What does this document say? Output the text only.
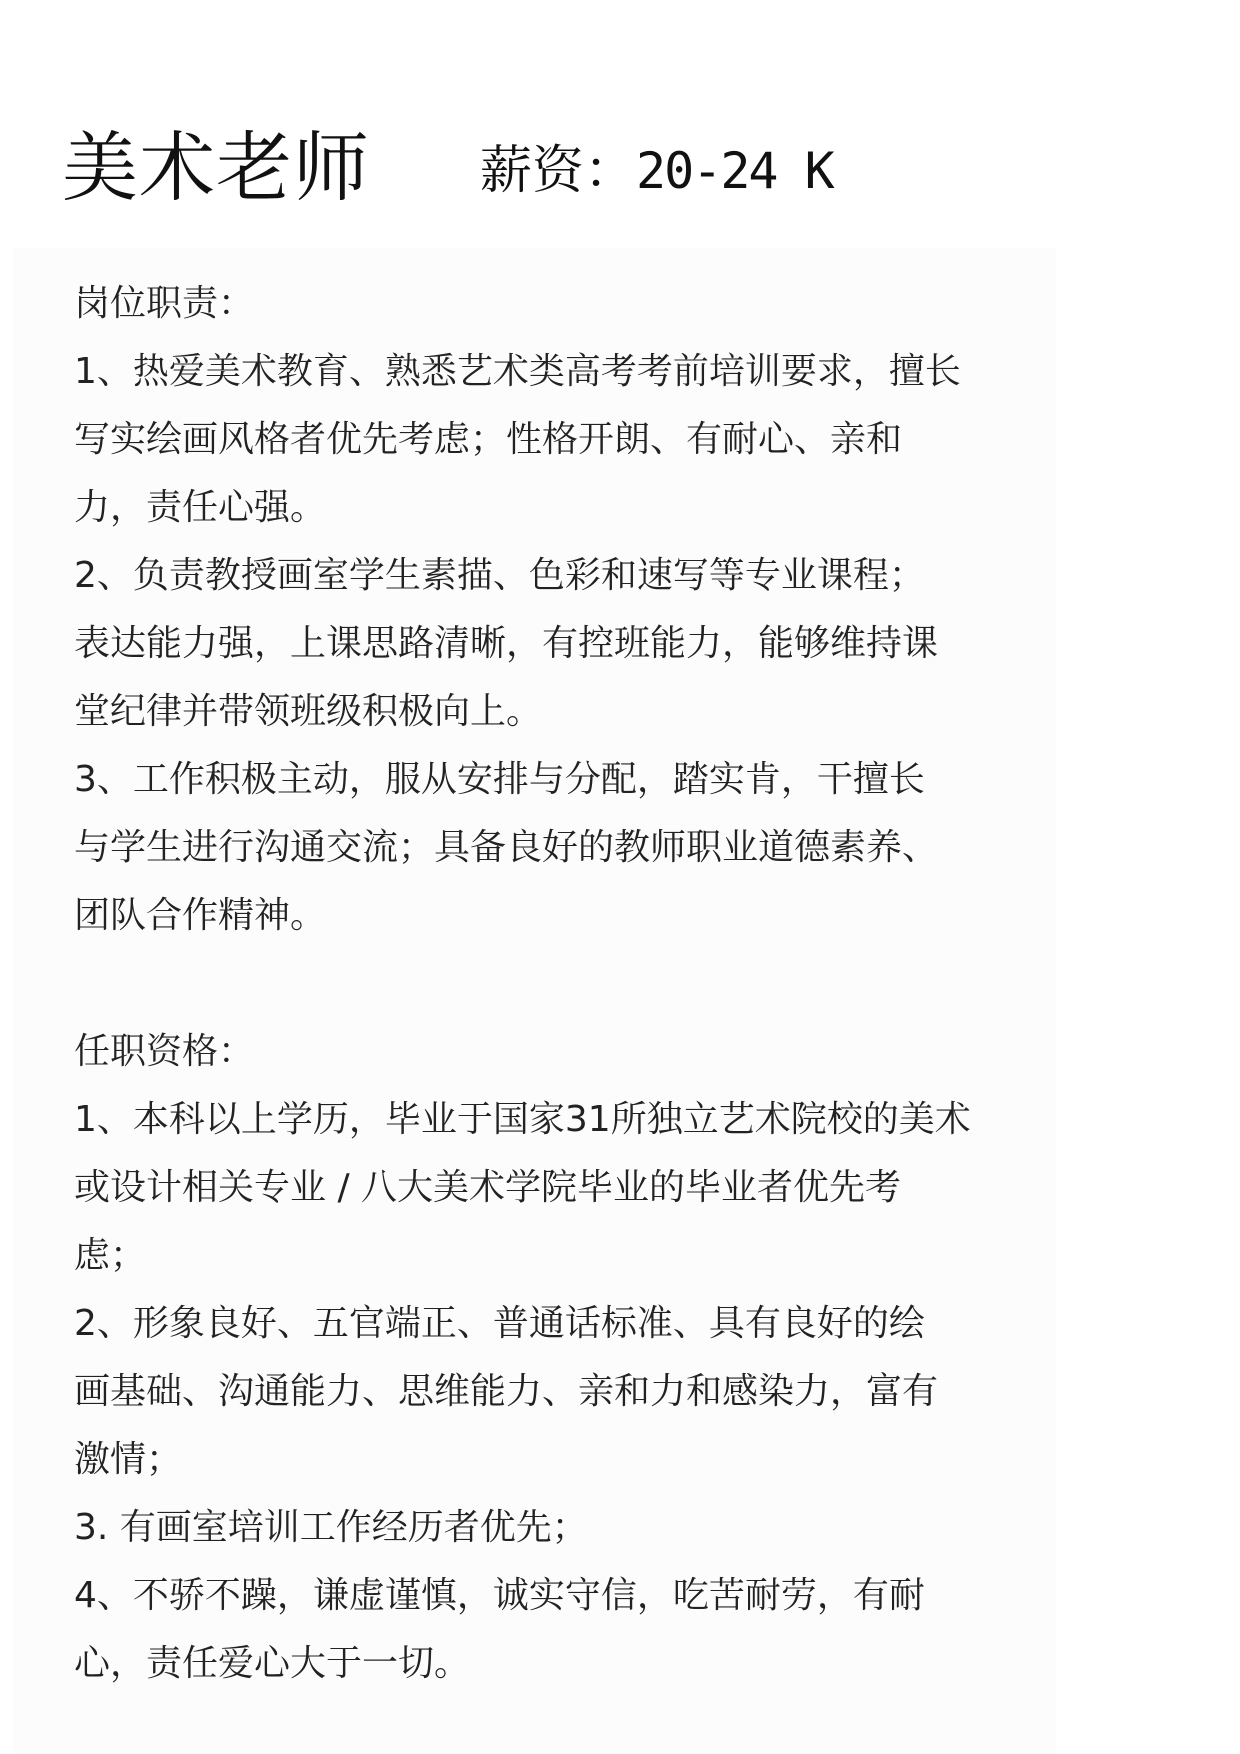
美术老师 薪资：20-24 K
岗位职责：
1、热爱美术教育、熟悉艺术类高考考前培训要求，擅长
写实绘画风格者优先考虑；性格开朗、有耐心、亲和
力，责任心强。
2、负责教授画室学生素描、色彩和速写等专业课程；
表达能力强，上课思路清晰，有控班能力，能够维持课
堂纪律并带领班级积极向上。
3、工作积极主动，服从安排与分配，踏实肯，干擅长
与学生进行沟通交流；具备良好的教师职业道德素养、
团队合作精神。
任职资格：
1、本科以上学历，毕业于国家31所独立艺术院校的美术
或设计相关专业 / 八大美术学院毕业的毕业者优先考
虑；
2、形象良好、五官端正、普通话标准、具有良好的绘
画基础、沟通能力、思维能力、亲和力和感染力，富有
激情；
3. 有画室培训工作经历者优先；
4、不骄不躁，谦虚谨慎，诚实守信，吃苦耐劳，有耐
心，责任爱心大于一切。
